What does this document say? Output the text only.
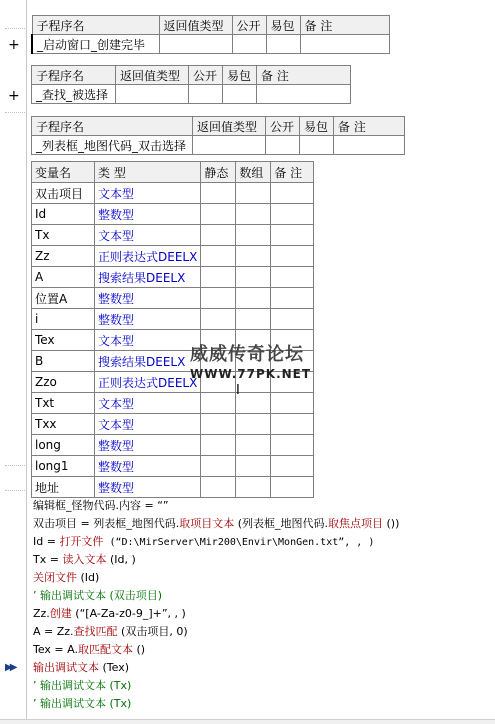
+
+
子程序名	返回值类型	公开	易包	备 注
_启动窗口_创建完毕				
子程序名	返回值类型	公开	易包	备 注
_查找_被选择				
子程序名	返回值类型	公开	易包	备 注
_列表框_地图代码_双击选择				
变量名	类 型	静态	数组	备 注
双击项目	文本型			
Id	整数型			
Tx	文本型			
Zz	正则表达式DEELX			
A	搜索结果DEELX			
位置A	整数型			
i	整数型			
Tex	文本型			
B	搜索结果DEELX			
Zzo	正则表达式DEELX			
Txt	文本型			
Txx	文本型			
long	整数型			
long1	整数型			
地址	整数型			
编辑框_怪物代码.内容 = “”
双击项目 = 列表框_地图代码.取项目文本 (列表框_地图代码.取焦点项目 ())
Id = 打开文件 (“D:\MirServer\Mir200\Envir\MonGen.txt”, , )
Tx = 读入文本 (Id, )
关闭文件 (Id)
’ 输出调试文本 (双击项目)
Zz.创建 (“[A-Za-z0-9_]+”, , )
A = Zz.查找匹配 (双击项目, 0)
Tex = A.取匹配文本 ()
▶▶ 输出调试文本 (Tex)
’ 输出调试文本 (Tx)
’ 输出调试文本 (Tx)
威威传奇论坛
WWW.77PK.NET
I
